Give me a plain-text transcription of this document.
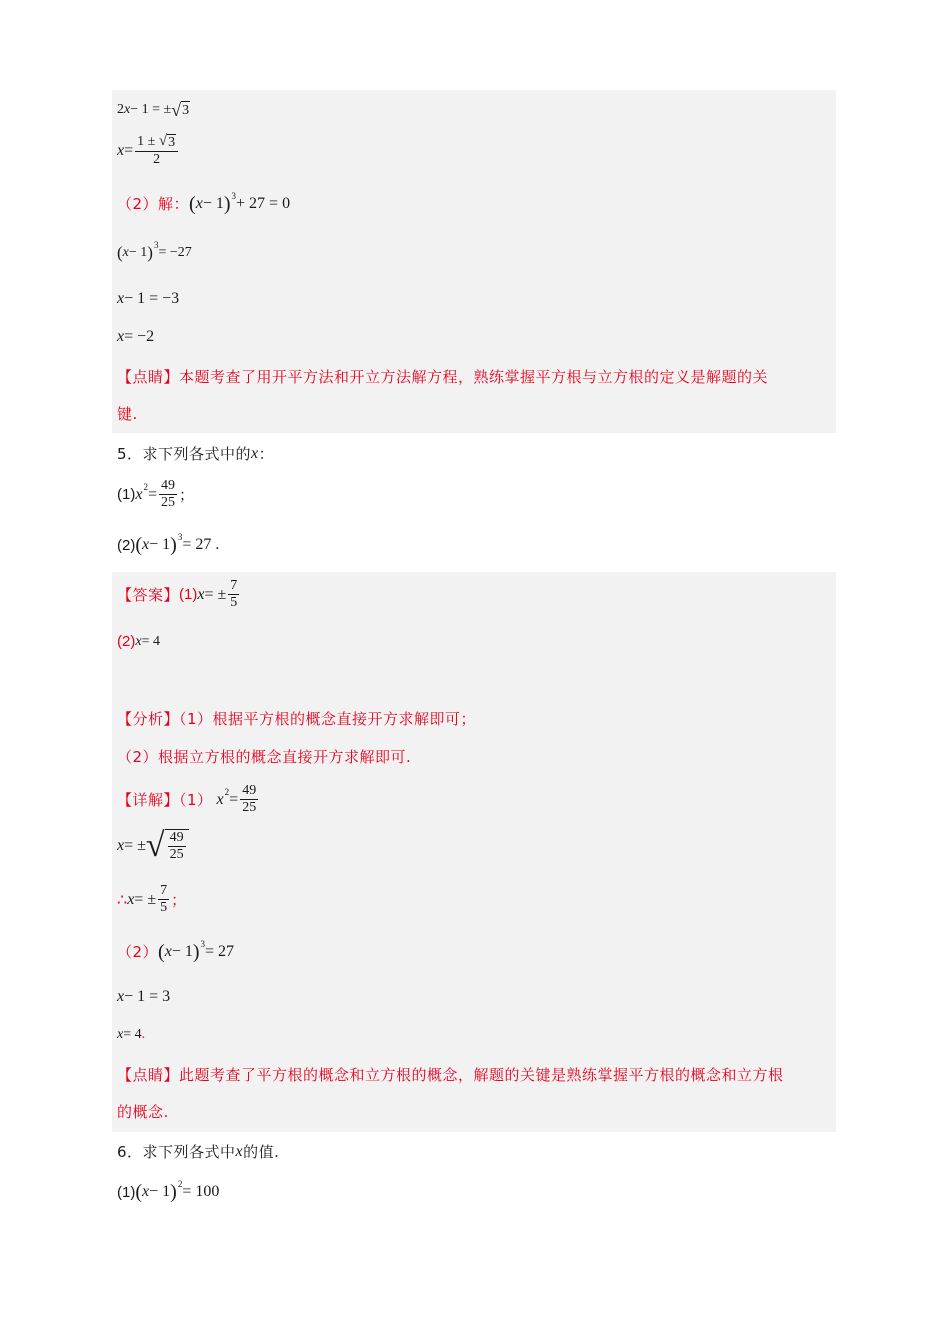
2 x − 1 = ± √ 3
$x = \frac{1 \pm √ 3}{2}$
（2）解： ( x − 1 ) 3 + 27 = 0
( x − 1 ) 3 = −27
x − 1 = −3
x = −2
【点睛】本题考查了用开平方法和开立方法解方程，熟练掌握平方根与立方根的定义是解题的关
键.
5．求下列各式中的 x ：
(1) x $2 = \frac{49}{25}$ ；
(2) ( x − 1 ) 3 = 27 .
【答案】 (1) x = ± $\frac{7}{5}$
(2) x = 4
【分析】（1）根据平方根的概念直接开方求解即可；
（2）根据立方根的概念直接开方求解即可.
【详解】（1） x $2 = \frac{49}{25}$
x = ± √ $\frac{49}{25}$
∴ x = ± $\frac{7}{5}$ ；
（2） ( x − 1 ) 3 = 27
x − 1 = 3
x = 4 .
【点睛】此题考查了平方根的概念和立方根的概念，解题的关键是熟练掌握平方根的概念和立方根
的概念.
6．求下列各式中 x 的值.
(1) ( x − 1 ) 2 = 100
